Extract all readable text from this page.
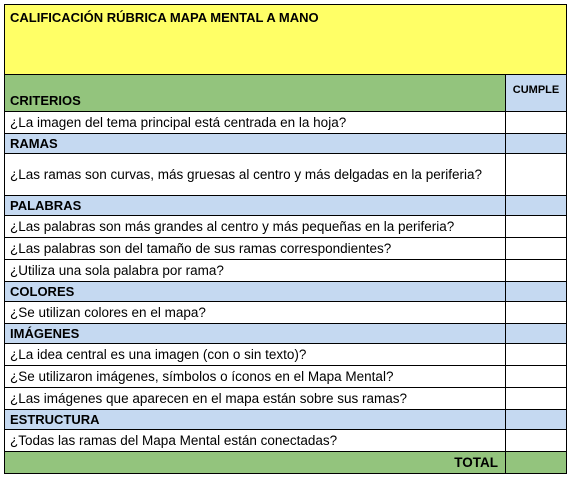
CALIFICACIÓN RÚBRICA MAPA MENTAL A MANO	
CRITERIOS	CUMPLE
¿La imagen del tema principal está centrada en la hoja?	
RAMAS	
¿Las ramas son curvas, más gruesas al centro y más delgadas en la periferia?	
PALABRAS	
¿Las palabras son más grandes al centro y más pequeñas en la periferia?	
¿Las palabras son del tamaño de sus ramas correspondientes?	
¿Utiliza una sola palabra por rama?	
COLORES	
¿Se utilizan colores en el mapa?	
IMÁGENES	
¿La idea central es una imagen (con o sin texto)?	
¿Se utilizaron imágenes, símbolos o íconos en el Mapa Mental?	
¿Las imágenes que aparecen en el mapa están sobre sus ramas?	
ESTRUCTURA	
¿Todas las ramas del Mapa Mental están conectadas?	
TOTAL	
